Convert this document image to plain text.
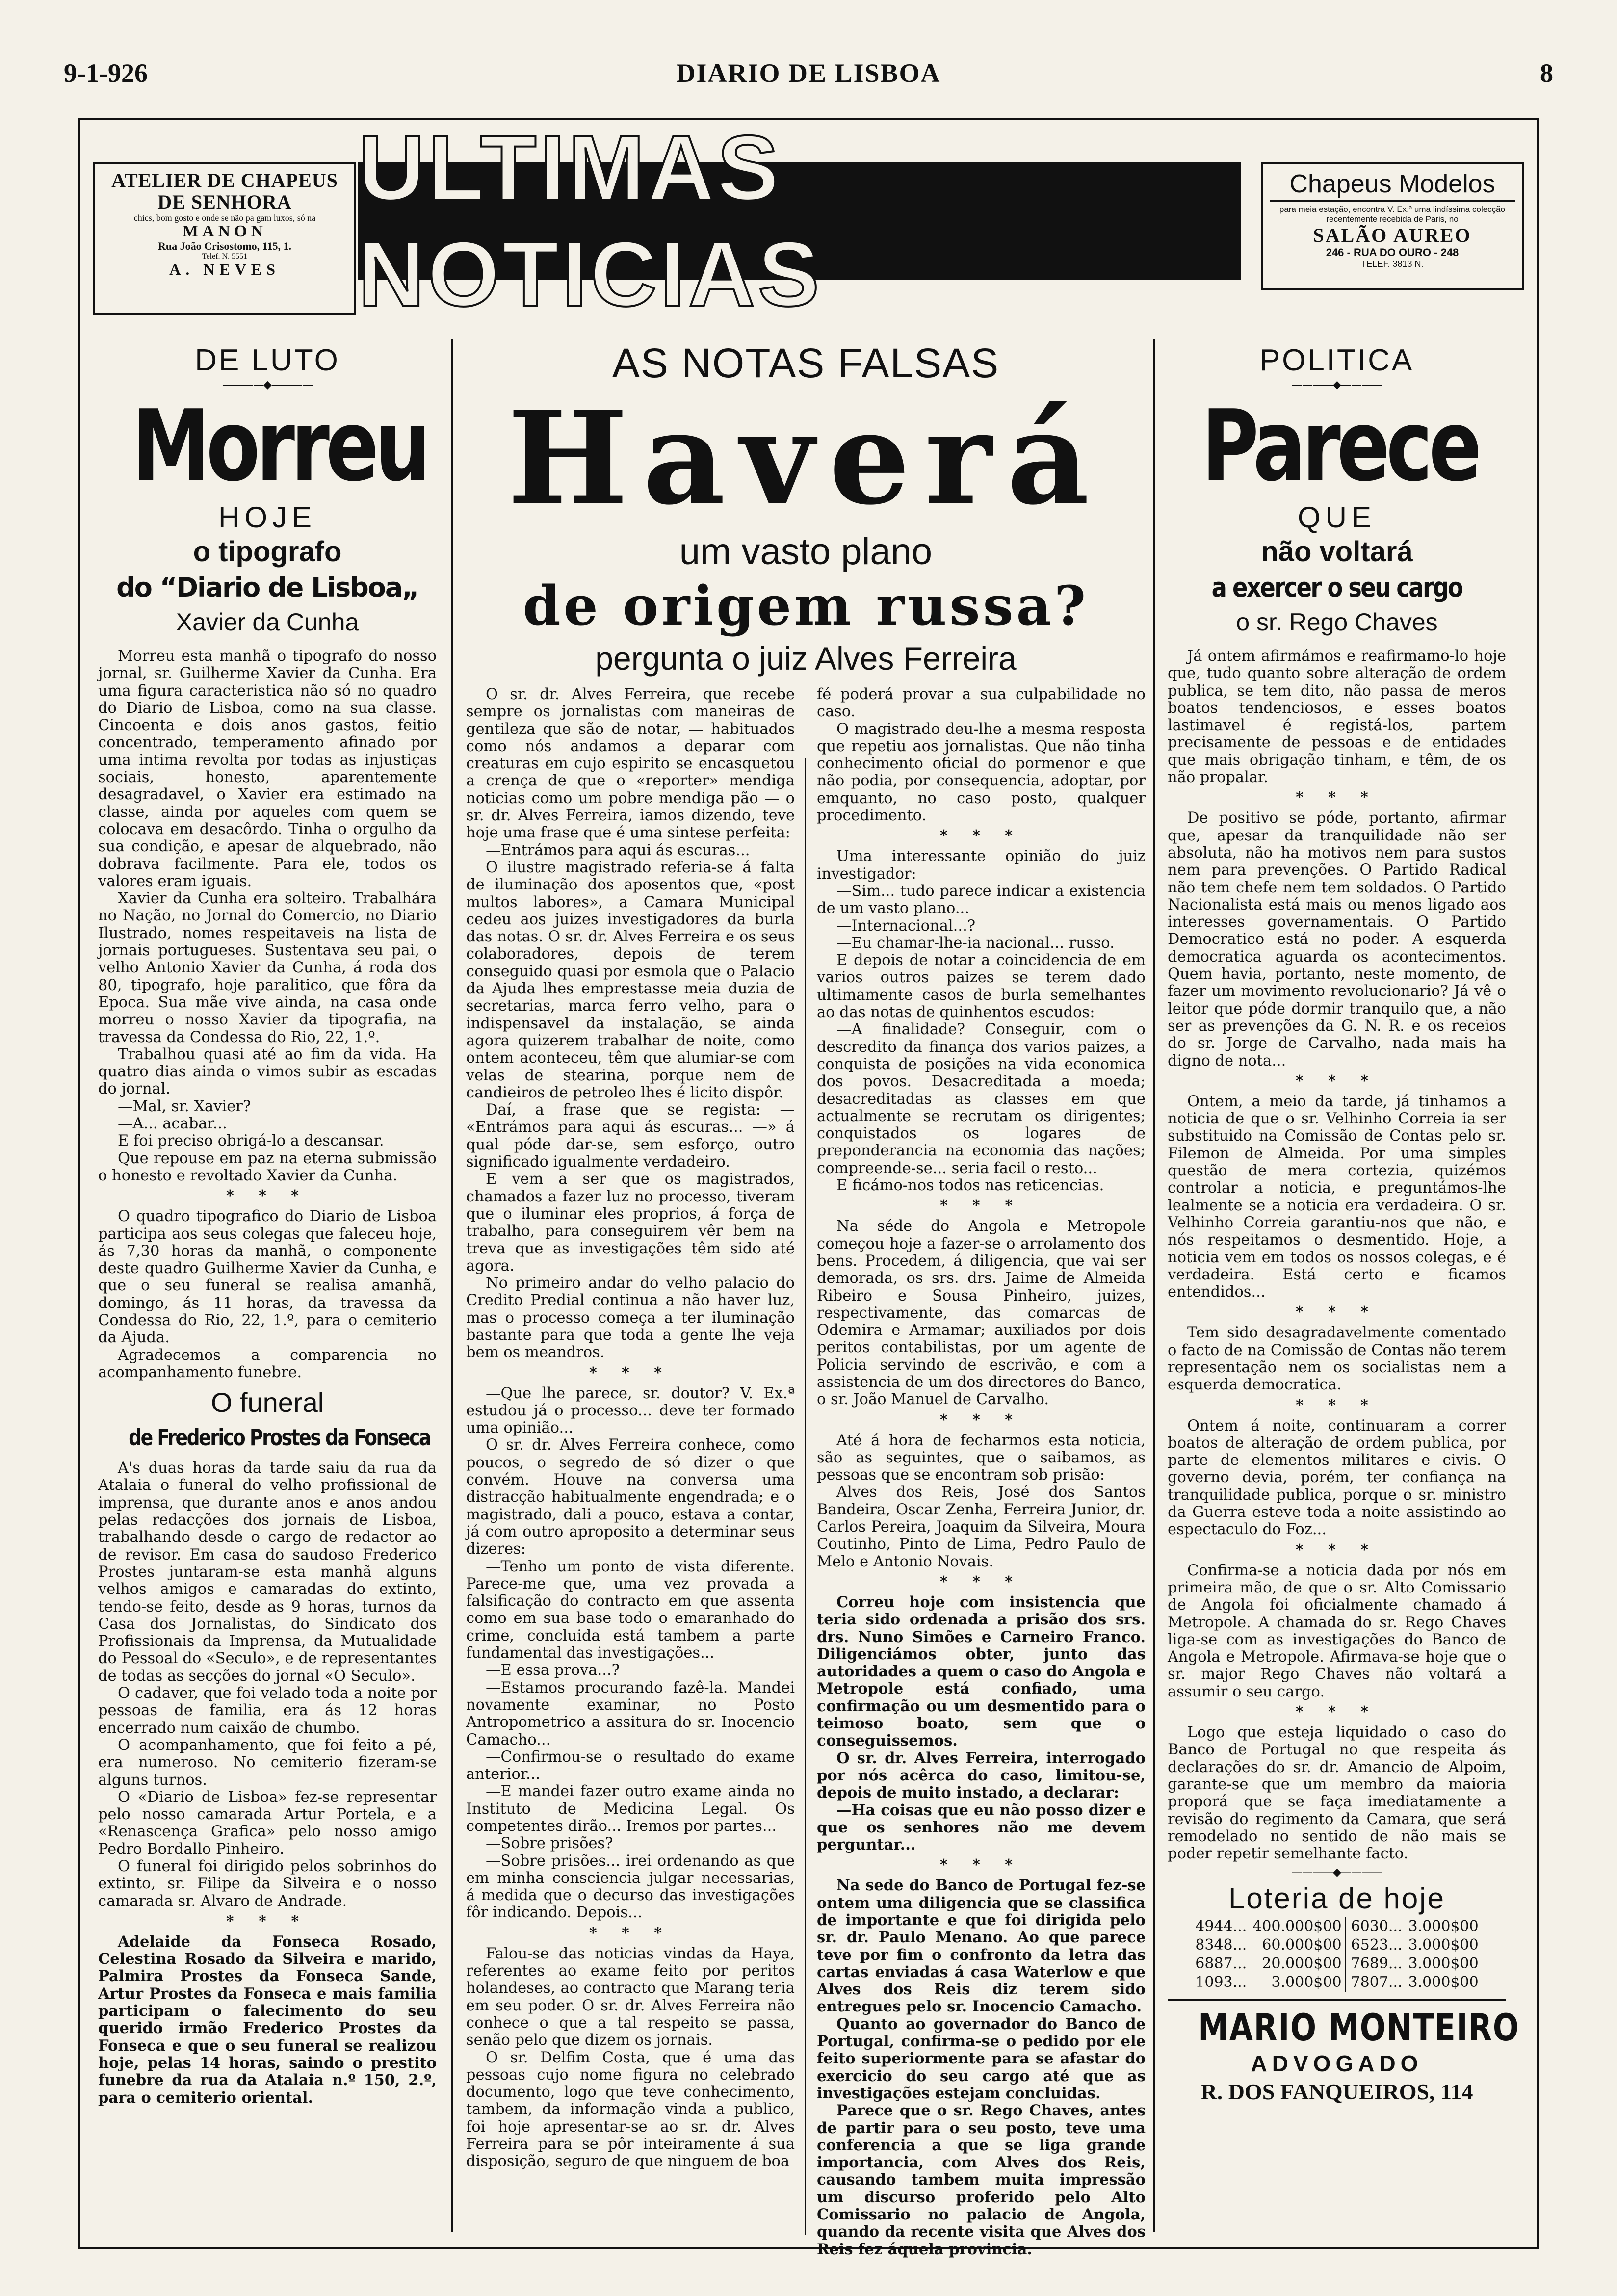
9-1-926	DIARIO DE LISBOA	8
ATELIER DE CHAPEUS
DE SENHORA
chics, bom gosto e onde se não pa gam luxos, só na
MANON
Rua João Crisostomo, 115, 1.
Telef. N. 5551
A. NEVES
ULTIMAS NOTICIAS
Chapeus Modelos
para meia estação, encontra V. Ex.ª uma lindíssima colecção recentemente recebida de Paris, no
SALÃO AUREO
246 - RUA DO OURO - 248
TELEF. 3813 N.
DE LUTO
————◆————
Morreu
HOJE
o tipografo
do “Diario de Lisboa„
Xavier da Cunha

Morreu esta manhã o tipografo do nosso jornal, sr. Guilherme Xavier da Cunha. Era uma figura caracteristica não só no quadro do Diario de Lisboa, como na sua classe. Cincoenta e dois anos gastos, feitio concentrado, temperamento afinado por uma intima revolta por todas as injustiças sociais, honesto, aparentemente desagradavel, o Xavier era estimado na classe, ainda por aqueles com quem se colocava em desacôrdo. Tinha o orgulho da sua condição, e apesar de alquebrado, não dobrava facilmente. Para ele, todos os valores eram iguais.

Xavier da Cunha era solteiro. Trabalhára no Nação, no Jornal do Comercio, no Diario Ilustrado, nomes respeitaveis na lista de jornais portugueses. Sustentava seu pai, o velho Antonio Xavier da Cunha, á roda dos 80, tipografo, hoje paralitico, que fôra da Epoca. Sua mãe vive ainda, na casa onde morreu o nosso Xavier da tipografia, na travessa da Condessa do Rio, 22, 1.º.

Trabalhou quasi até ao fim da vida. Ha quatro dias ainda o vimos subir as escadas do jornal.

—Mal, sr. Xavier?

—A... acabar...

E foi preciso obrigá-lo a descansar.

Que repouse em paz na eterna submissão o honesto e revoltado Xavier da Cunha.

* * *

O quadro tipografico do Diario de Lisboa participa aos seus colegas que faleceu hoje, ás 7,30 horas da manhã, o componente deste quadro Guilherme Xavier da Cunha, e que o seu funeral se realisa amanhã, domingo, ás 11 horas, da travessa da Condessa do Rio, 22, 1.º, para o cemiterio da Ajuda.

Agradecemos a comparencia no acompanhamento funebre.

O funeral
de Frederico Prostes da Fonseca

A's duas horas da tarde saiu da rua da Atalaia o funeral do velho profissional de imprensa, que durante anos e anos andou pelas redacções dos jornais de Lisboa, trabalhando desde o cargo de redactor ao de revisor. Em casa do saudoso Frederico Prostes juntaram-se esta manhã alguns velhos amigos e camaradas do extinto, tendo-se feito, desde as 9 horas, turnos da Casa dos Jornalistas, do Sindicato dos Profissionais da Imprensa, da Mutualidade do Pessoal do «Seculo», e de representantes de todas as secções do jornal «O Seculo».

O cadaver, que foi velado toda a noite por pessoas de familia, era ás 12 horas encerrado num caixão de chumbo.

O acompanhamento, que foi feito a pé, era numeroso. No cemiterio fizeram-se alguns turnos.

O «Diario de Lisboa» fez-se representar pelo nosso camarada Artur Portela, e a «Renascença Grafica» pelo nosso amigo Pedro Bordallo Pinheiro.

O funeral foi dirigido pelos sobrinhos do extinto, sr. Filipe da Silveira e o nosso camarada sr. Alvaro de Andrade.

* * *

Adelaide da Fonseca Rosado, Celestina Rosado da Silveira e marido, Palmira Prostes da Fonseca Sande, Artur Prostes da Fonseca e mais familia participam o falecimento do seu querido irmão Frederico Prostes da Fonseca e que o seu funeral se realizou hoje, pelas 14 horas, saindo o prestito funebre da rua da Atalaia n.º 150, 2.º, para o cemiterio oriental.

AS NOTAS FALSAS
Haverá
um vasto plano
de origem russa?
pergunta o juiz Alves Ferreira

O sr. dr. Alves Ferreira, que recebe sempre os jornalistas com maneiras de gentileza que são de notar, — habituados como nós andamos a deparar com creaturas em cujo espirito se encasquetou a crença de que o «reporter» mendiga noticias como um pobre mendiga pão — o sr. dr. Alves Ferreira, iamos dizendo, teve hoje uma frase que é uma sintese perfeita:

—Entrámos para aqui ás escuras...

O ilustre magistrado referia-se á falta de iluminação dos aposentos que, «post multos labores», a Camara Municipal cedeu aos juizes investigadores da burla das notas. O sr. dr. Alves Ferreira e os seus colaboradores, depois de terem conseguido quasi por esmola que o Palacio da Ajuda lhes emprestasse meia duzia de secretarias, marca ferro velho, para o indispensavel da instalação, se ainda agora quizerem trabalhar de noite, como ontem aconteceu, têm que alumiar-se com velas de stearina, porque nem de candieiros de petroleo lhes é licito dispôr.

Daí, a frase que se regista: — «Entrámos para aqui ás escuras... —» á qual póde dar-se, sem esforço, outro significado igualmente verdadeiro.

E vem a ser que os magistrados, chamados a fazer luz no processo, tiveram que o iluminar eles proprios, á força de trabalho, para conseguirem vêr bem na treva que as investigações têm sido até agora.

No primeiro andar do velho palacio do Credito Predial continua a não haver luz, mas o processo começa a ter iluminação bastante para que toda a gente lhe veja bem os meandros.

* * *

—Que lhe parece, sr. doutor? V. Ex.ª estudou já o processo... deve ter formado uma opinião...

O sr. dr. Alves Ferreira conhece, como poucos, o segredo de só dizer o que convém. Houve na conversa uma distracção habitualmente engendrada; e o magistrado, dali a pouco, estava a contar, já com outro aproposito a determinar seus dizeres:

—Tenho um ponto de vista diferente. Parece-me que, uma vez provada a falsificação do contracto em que assenta como em sua base todo o emaranhado do crime, concluida está tambem a parte fundamental das investigações...

—E essa prova...?

—Estamos procurando fazê-la. Mandei novamente examinar, no Posto Antropometrico a assitura do sr. Inocencio Camacho...

—Confirmou-se o resultado do exame anterior...

—E mandei fazer outro exame ainda no Instituto de Medicina Legal. Os competentes dirão... Iremos por partes...

—Sobre prisões?

—Sobre prisões... irei ordenando as que em minha consciencia julgar necessarias, á medida que o decurso das investigações fôr indicando. Depois...

* * *

Falou-se das noticias vindas da Haya, referentes ao exame feito por peritos holandeses, ao contracto que Marang teria em seu poder. O sr. dr. Alves Ferreira não conhece o que a tal respeito se passa, senão pelo que dizem os jornais.

O sr. Delfim Costa, que é uma das pessoas cujo nome figura no celebrado documento, logo que teve conhecimento, tambem, da informação vinda a publico, foi hoje apresentar-se ao sr. dr. Alves Ferreira para se pôr inteiramente á sua disposição, seguro de que ninguem de boa

fé poderá provar a sua culpabilidade no caso.

O magistrado deu-lhe a mesma resposta que repetiu aos jornalistas. Que não tinha conhecimento oficial do pormenor e que não podia, por consequencia, adoptar, por emquanto, no caso posto, qualquer procedimento.

* * *

Uma interessante opinião do juiz investigador:

—Sim... tudo parece indicar a existencia de um vasto plano...

—Internacional...?

—Eu chamar-lhe-ia nacional... russo.

E depois de notar a coincidencia de em varios outros paizes se terem dado ultimamente casos de burla semelhantes ao das notas de quinhentos escudos:

—A finalidade? Conseguir, com o descredito da finança dos varios paizes, a conquista de posições na vida economica dos povos. Desacreditada a moeda; desacreditadas as classes em que actualmente se recrutam os dirigentes; conquistados os logares de preponderancia na economia das nações; compreende-se... seria facil o resto...

E ficámo-nos todos nas reticencias.

* * *

Na séde do Angola e Metropole começou hoje a fazer-se o arrolamento dos bens. Procedem, á diligencia, que vai ser demorada, os srs. drs. Jaime de Almeida Ribeiro e Sousa Pinheiro, juizes, respectivamente, das comarcas de Odemira e Armamar; auxiliados por dois peritos contabilistas, por um agente de Policia servindo de escrivão, e com a assistencia de um dos directores do Banco, o sr. João Manuel de Carvalho.

* * *

Até á hora de fecharmos esta noticia, são as seguintes, que o saibamos, as pessoas que se encontram sob prisão:

Alves dos Reis, José dos Santos Bandeira, Oscar Zenha, Ferreira Junior, dr. Carlos Pereira, Joaquim da Silveira, Moura Coutinho, Pinto de Lima, Pedro Paulo de Melo e Antonio Novais.

* * *

Correu hoje com insistencia que teria sido ordenada a prisão dos srs. drs. Nuno Simões e Carneiro Franco. Diligenciámos obter, junto das autoridades a quem o caso do Angola e Metropole está confiado, uma confirmação ou um desmentido para o teimoso boato, sem que o conseguissemos.

O sr. dr. Alves Ferreira, interrogado por nós acêrca do caso, limitou-se, depois de muito instado, a declarar:

—Ha coisas que eu não posso dizer e que os senhores não me devem perguntar...

* * *

Na sede do Banco de Portugal fez-se ontem uma diligencia que se classifica de importante e que foi dirigida pelo sr. dr. Paulo Menano. Ao que parece teve por fim o confronto da letra das cartas enviadas á casa Waterlow e que Alves dos Reis diz terem sido entregues pelo sr. Inocencio Camacho.

Quanto ao governador do Banco de Portugal, confirma-se o pedido por ele feito superiormente para se afastar do exercicio do seu cargo até que as investigações estejam concluidas.

Parece que o sr. Rego Chaves, antes de partir para o seu posto, teve uma conferencia a que se liga grande importancia, com Alves dos Reis, causando tambem muita impressão um discurso proferido pelo Alto Comissario no palacio de Angola, quando da recente visita que Alves dos Reis fez áquela provincia.

POLITICA
————◆————
Parece
QUE
não voltará
a exercer o seu cargo
o sr. Rego Chaves

Já ontem afirmámos e reafirmamo-lo hoje que, tudo quanto sobre alteração de ordem publica, se tem dito, não passa de meros boatos tendenciosos, e esses boatos lastimavel é registá-los, partem precisamente de pessoas e de entidades que mais obrigação tinham, e têm, de os não propalar.

* * *

De positivo se póde, portanto, afirmar que, apesar da tranquilidade não ser absoluta, não ha motivos nem para sustos nem para prevenções. O Partido Radical não tem chefe nem tem soldados. O Partido Nacionalista está mais ou menos ligado aos interesses governamentais. O Partido Democratico está no poder. A esquerda democratica aguarda os acontecimentos. Quem havia, portanto, neste momento, de fazer um movimento revolucionario? Já vê o leitor que póde dormir tranquilo que, a não ser as prevenções da G. N. R. e os receios do sr. Jorge de Carvalho, nada mais ha digno de nota...

* * *

Ontem, a meio da tarde, já tinhamos a noticia de que o sr. Velhinho Correia ia ser substituido na Comissão de Contas pelo sr. Filemon de Almeida. Por uma simples questão de mera cortezia, quizémos controlar a noticia, e preguntámos-lhe lealmente se a noticia era verdadeira. O sr. Velhinho Correia garantiu-nos que não, e nós respeitamos o desmentido. Hoje, a noticia vem em todos os nossos colegas, e é verdadeira. Está certo e ficamos entendidos...

* * *

Tem sido desagradavelmente comentado o facto de na Comissão de Contas não terem representação nem os socialistas nem a esquerda democratica.

* * *

Ontem á noite, continuaram a correr boatos de alteração de ordem publica, por parte de elementos militares e civis. O governo devia, porém, ter confiança na tranquilidade publica, porque o sr. ministro da Guerra esteve toda a noite assistindo ao espectaculo do Foz...

* * *

Confirma-se a noticia dada por nós em primeira mão, de que o sr. Alto Comissario de Angola foi oficialmente chamado á Metropole. A chamada do sr. Rego Chaves liga-se com as investigações do Banco de Angola e Metropole. Afirmava-se hoje que o sr. major Rego Chaves não voltará a assumir o seu cargo.

* * *

Logo que esteja liquidado o caso do Banco de Portugal no que respeita ás declarações do sr. dr. Amancio de Alpoim, garante-se que um membro da maioria proporá que se faça imediatamente a revisão do regimento da Camara, que será remodelado no sentido de não mais se poder repetir semelhante facto.

————◆————
Loteria de hoje
4944...	400.000$00	6030...	3.000$00
8348...	60.000$00	6523...	3.000$00
6887...	20.000$00	7689...	3.000$00
1093...	3.000$00	7807...	3.000$00
MARIO MONTEIRO
ADVOGADO
R. DOS FANQUEIROS, 114
